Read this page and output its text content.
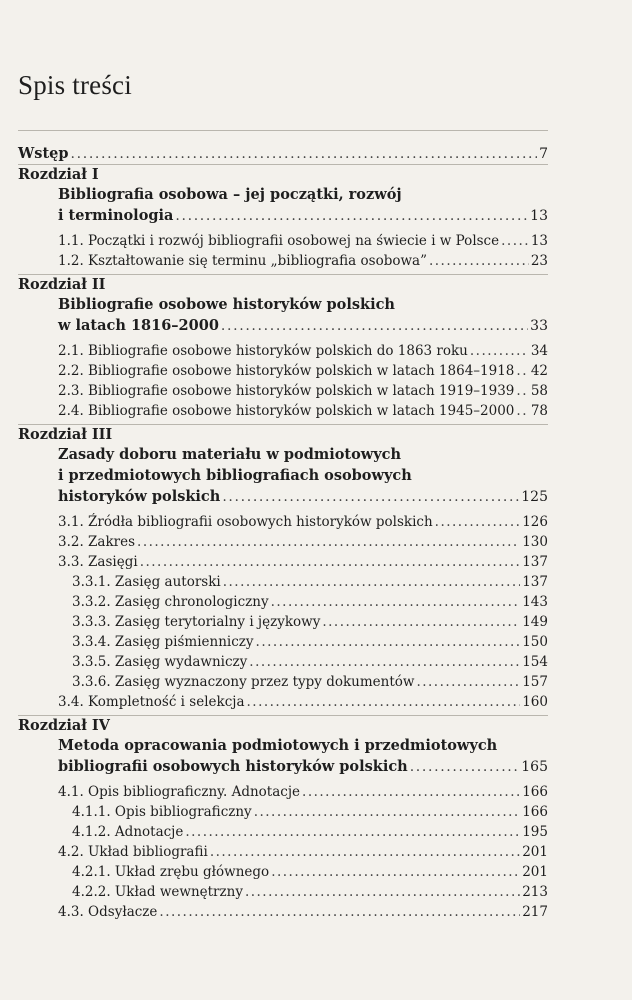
Spis treści
Wstęp . . .	7
Rozdział I
Bibliografia osobowa – jej początki, rozwój
i terminologia . . .	13
1.1. Początki i rozwój bibliografii osobowej na świecie i w Polsce . . . 13
1.2. Kształtowanie się terminu „bibliografia osobowa” . . .	23
Rozdział II
Bibliografie osobowe historyków polskich
w latach 1816–2000 . . .	33
2.1. Bibliografie osobowe historyków polskich do 1863 roku . . .	34
2.2. Bibliografie osobowe historyków polskich w latach 1864–1918 . . . 42
2.3. Bibliografie osobowe historyków polskich w latach 1919–1939 . . . 58
2.4. Bibliografie osobowe historyków polskich w latach 1945–2000 . . . 78
Rozdział III
Zasady doboru materiału w podmiotowych
i przedmiotowych bibliografiach osobowych
historyków polskich . . .	125
3.1. Źródła bibliografii osobowych historyków polskich . . .	126
3.2. Zakres . . .	130
3.3. Zasięgi . . .	137
3.3.1. Zasięg autorski . . .	137
3.3.2. Zasięg chronologiczny . . .	143
3.3.3. Zasięg terytorialny i językowy . . .	149
3.3.4. Zasięg piśmienniczy . . .	150
3.3.5. Zasięg wydawniczy . . .	154
3.3.6. Zasięg wyznaczony przez typy dokumentów . . .	157
3.4. Kompletność i selekcja . . .	160
Rozdział IV
Metoda opracowania podmiotowych i przedmiotowych
bibliografii osobowych historyków polskich . . .	165
4.1. Opis bibliograficzny. Adnotacje . . .	166
4.1.1. Opis bibliograficzny . . .	166
4.1.2. Adnotacje . . .	195
4.2. Układ bibliografii . . .	201
4.2.1. Układ zrębu głównego . . .	201
4.2.2. Układ wewnętrzny . . .	213
4.3. Odsyłacze . . .	217
